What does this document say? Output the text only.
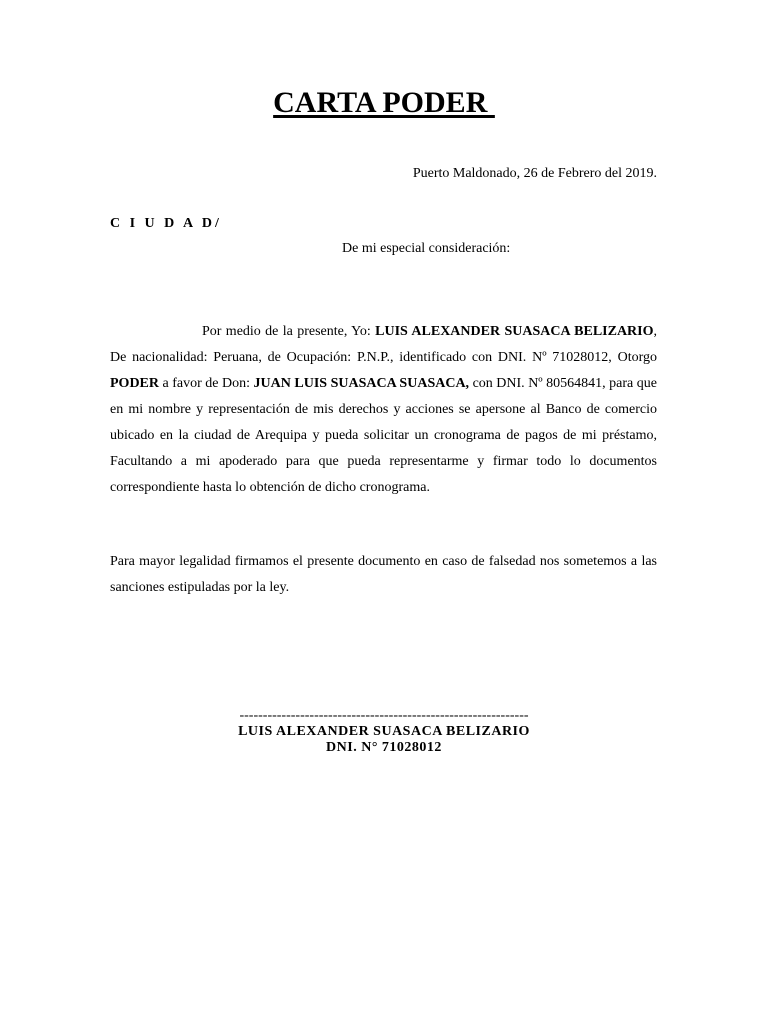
CARTA PODER

Puerto Maldonado, 26 de Febrero del 2019.

C I U D A D/

De mi especial consideración:

Por medio de la presente, Yo: LUIS ALEXANDER SUASACA BELIZARIO, De nacionalidad: Peruana, de Ocupación: P.N.P., identificado con DNI. Nº 71028012, Otorgo PODER a favor de Don: JUAN LUIS SUASACA SUASACA, con DNI. Nº 80564841, para que en mi nombre y representación de mis derechos y acciones se apersone al Banco de comercio ubicado en la ciudad de Arequipa y pueda solicitar un cronograma de pagos de mi préstamo, Facultando a mi apoderado para que pueda representarme y firmar todo lo documentos correspondiente hasta lo obtención de dicho cronograma.

Para mayor legalidad firmamos el presente documento en caso de falsedad nos sometemos a las sanciones estipuladas por la ley.

--------------------------------------------------------------

LUIS ALEXANDER SUASACA BELIZARIO

DNI. N° 71028012
